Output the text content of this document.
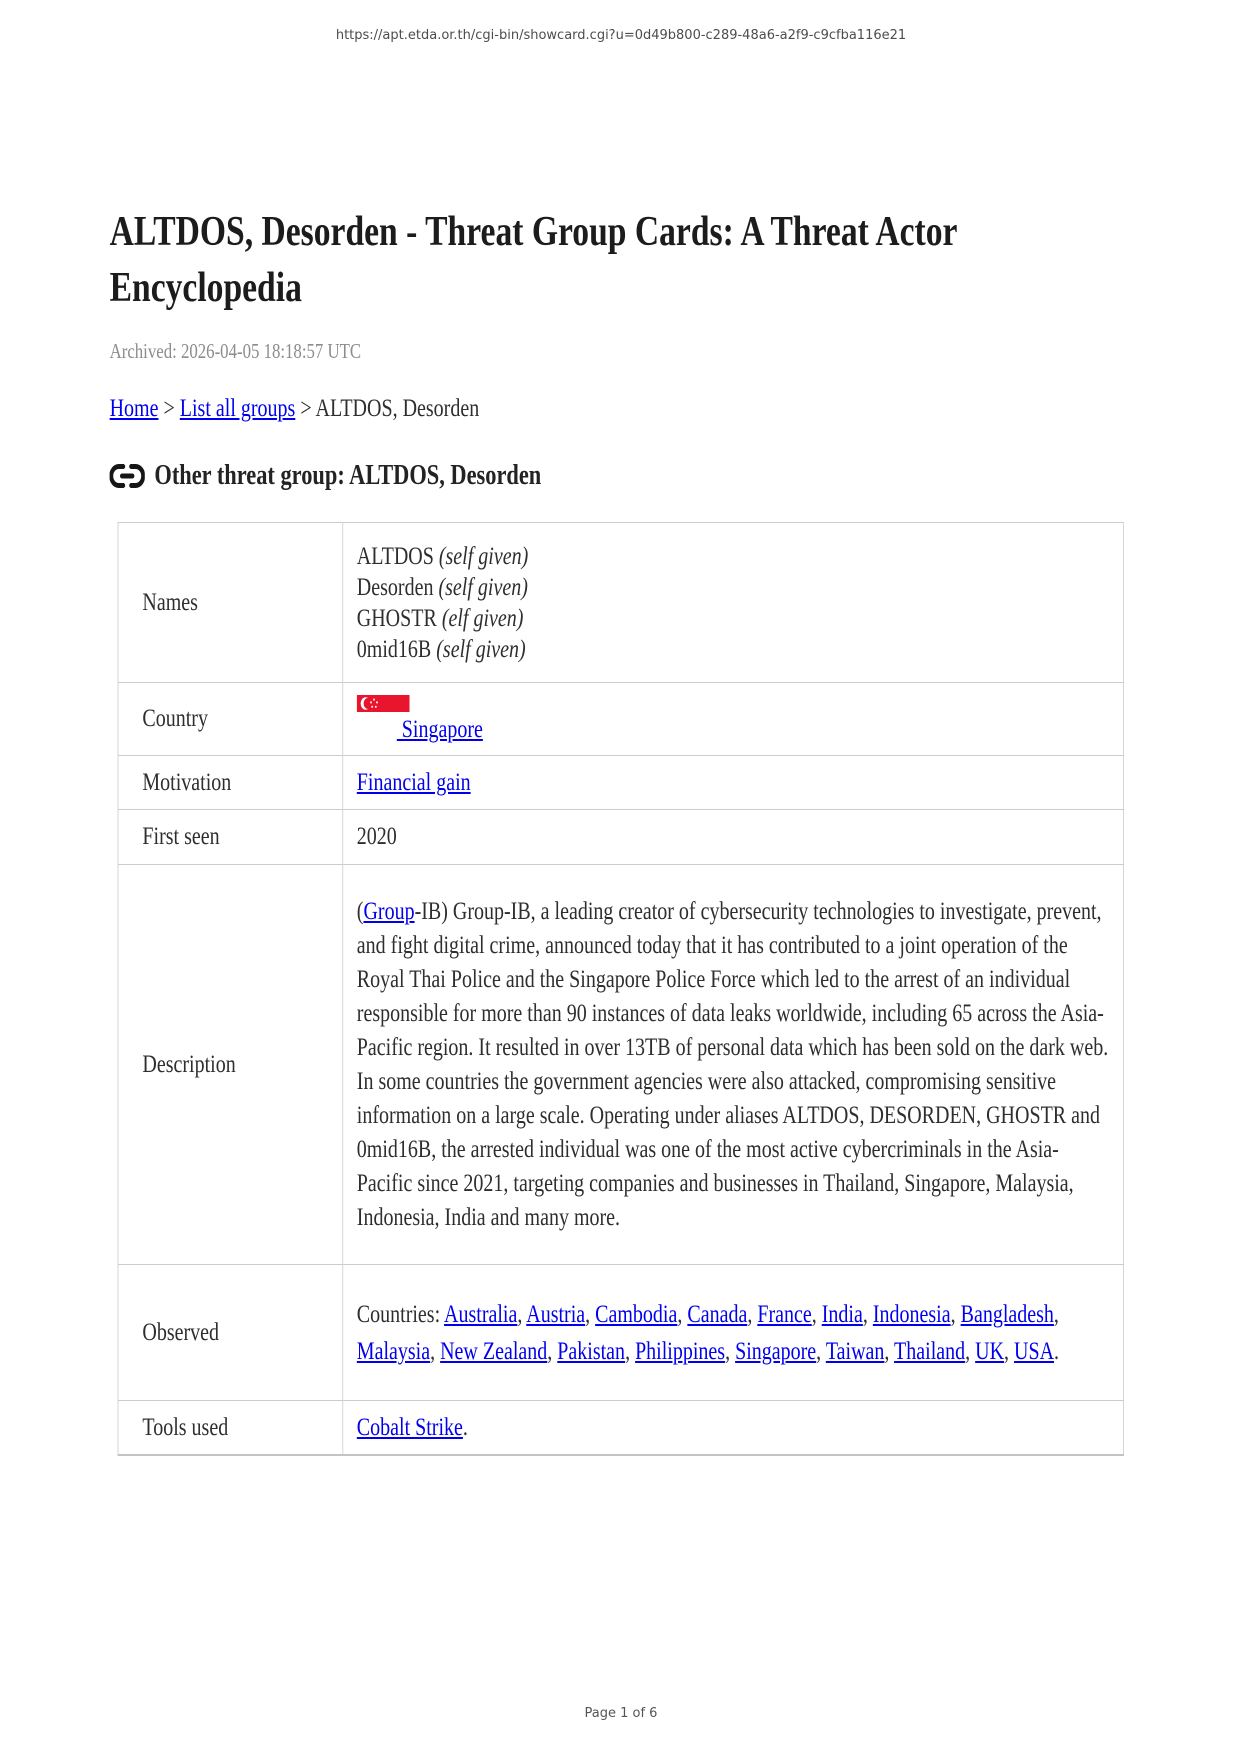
https://apt.etda.or.th/cgi-bin/showcard.cgi?u=0d49b800-c289-48a6-a2f9-c9cfba116e21
ALTDOS, Desorden - Threat Group Cards: A Threat Actor Encyclopedia
Archived: 2026-04-05 18:18:57 UTC
Home > List all groups > ALTDOS, Desorden
Other threat group: ALTDOS, Desorden
Names	ALTDOS (self given)
Desorden (self given)
GHOSTR (elf given)
0mid16B (self given)

Country	Singapore
Motivation	Financial gain
First seen	2020
Description	(Group-IB) Group-IB, a leading creator of cybersecurity technologies to investigate, prevent, and fight digital crime, announced today that it has contributed to a joint operation of the Royal Thai Police and the Singapore Police Force which led to the arrest of an individual responsible for more than 90 instances of data leaks worldwide, including 65 across the Asia-Pacific region. It resulted in over 13TB of personal data which has been sold on the dark web. In some countries the government agencies were also attacked, compromising sensitive information on a large scale. Operating under aliases ALTDOS, DESORDEN, GHOSTR and 0mid16B, the arrested individual was one of the most active cybercriminals in the Asia-Pacific since 2021, targeting companies and businesses in Thailand, Singapore, Malaysia, Indonesia, India and many more.

Observed	Countries: Australia, Austria, Cambodia, Canada, France, India, Indonesia, Bangladesh, Malaysia, New Zealand, Pakistan, Philippines, Singapore, Taiwan, Thailand, UK, USA.

Tools used	Cobalt Strike.
Page 1 of 6
